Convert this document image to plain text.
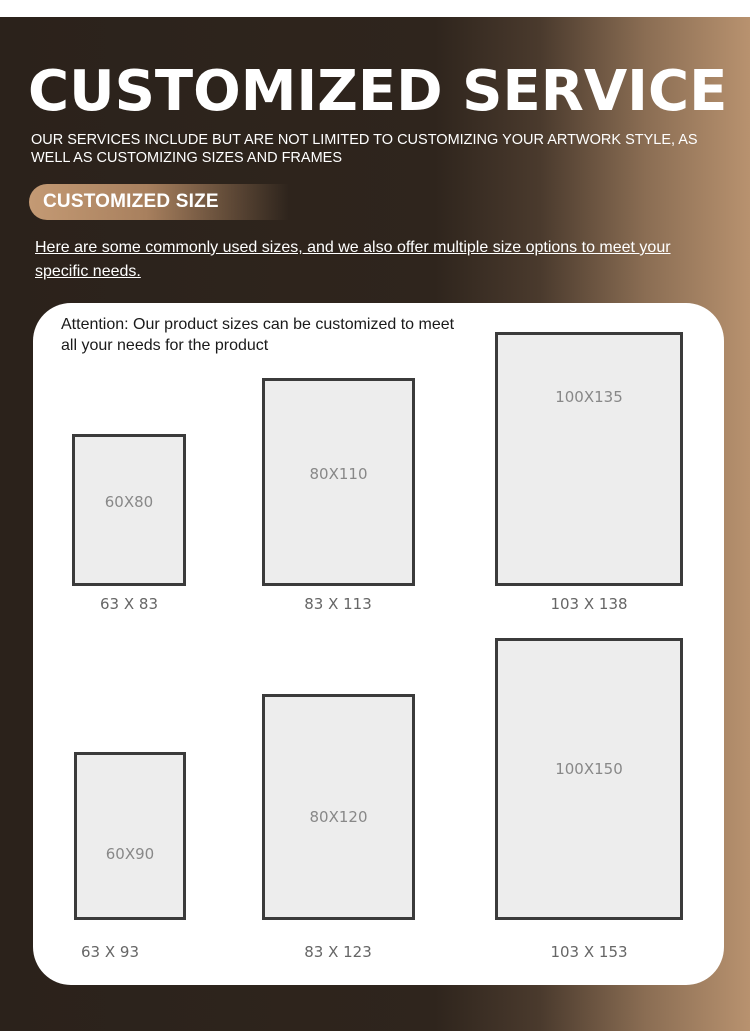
CUSTOMIZED SERVICE
OUR SERVICES INCLUDE BUT ARE NOT LIMITED TO CUSTOMIZING YOUR ARTWORK STYLE, AS WELL AS CUSTOMIZING SIZES AND FRAMES
CUSTOMIZED SIZE
Here are some commonly used sizes, and we also offer multiple size options to meet your specific needs.
Attention: Our product sizes can be customized to meet all your needs for the product
60X80
63 X 83
80X110
83 X 113
100X135
103 X 138
60X90
63 X 93
80X120
83 X 123
100X150
103 X 153
